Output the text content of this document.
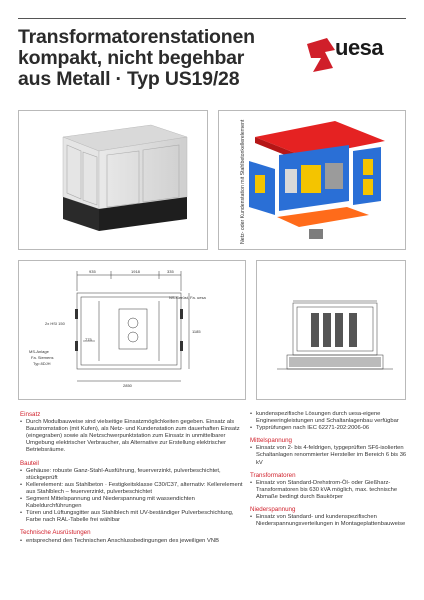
Transformatorenstationen
kompakt, nicht begehbar
aus Metall · Typ US19/28
uesa
Netz- oder Kundenstation mit Stahlbetonkellerelement
935	1918	335
NS-Gerüst, Fa. uesa
2x HSI 150
MS-Anlage
Fa. Siemens
Typ 8DJH
775
1185
2850
Einsatz
• Durch Modulbauweise sind vielseitige Einsatzmöglichkeiten gegeben. Einsatz als Baustromstation (mit Kufen), als Netz- und Kundenstation zum dauerhaften Einsatz (eingegraben) sowie als Netzschwerpunktstation zum Einsatz in unmittelbarer Umgebung elektrischer Verbraucher, als Alternative zur Erstellung elektrischer Betriebsräume.
Bauteil
• Gehäuse: robuste Ganz-Stahl-Ausführung, feuerverzinkt, pulverbeschichtet, stückgeprüft
• Kellerelement: aus Stahlbeton · Festigkeitsklasse C30/C37, alternativ: Kellerelement aus Stahlblech – feuerverzinkt, pulverbeschichtet
• Segment Mittelspannung und Niederspannung mit wassendichten Kabeldurchführungen
• Türen und Lüftungsgitter aus Stahlblech mit UV-beständiger Pulverbeschichtung, Farbe nach RAL-Tabelle frei wählbar
Technische Ausrüstungen
• entsprechend den Technischen Anschlussbedingungen des jeweiligen VNB
• kundenspezifische Lösungen durch uesa-eigene Engineeringleistungen und Schaltanlagenbau verfügbar
• Typprüfungen nach IEC 62271-202:2006-06
Mittelspannung
• Einsatz von 2- bis 4-feldrigen, typgeprüften SF6-isolierten Schaltanlagen renommierter Hersteller im Bereich 6 bis 36 kV
Transformatoren
• Einsatz von Standard-Drehstrom-Öl- oder Gießharz-Transformatoren bis 630 kVA möglich, max. technische Abmaße bedingt durch Baukörper
Niederspannung
• Einsatz von Standard- und kundenspezifischen Niederspannungsverteilungen in Montageplattenbauweise
